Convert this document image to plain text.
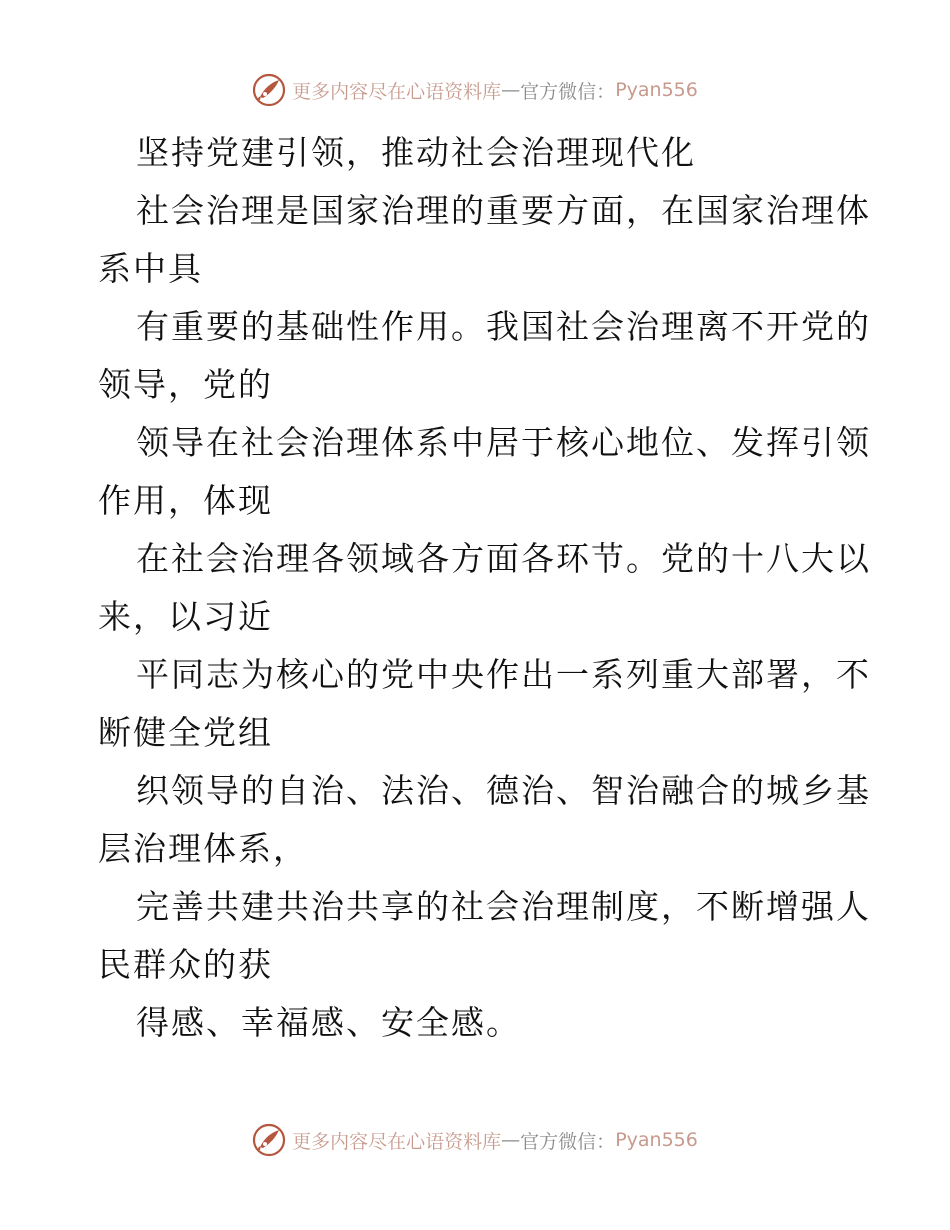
更多内容尽在心语资料库 — 官方微信： Pyan556
坚持党建引领，推动社会治理现代化
社会治理是国家治理的重要方面，在国家治理体
系中具
有重要的基础性作用。我国社会治理离不开党的
领导，党的
领导在社会治理体系中居于核心地位、发挥引领
作用，体现
在社会治理各领域各方面各环节。党的十八大以
来，以习近
平同志为核心的党中央作出一系列重大部署，不
断健全党组
织领导的自治、法治、德治、智治融合的城乡基
层治理体系，
完善共建共治共享的社会治理制度，不断增强人
民群众的获
得感、幸福感、安全感。
更多内容尽在心语资料库 — 官方微信： Pyan556
